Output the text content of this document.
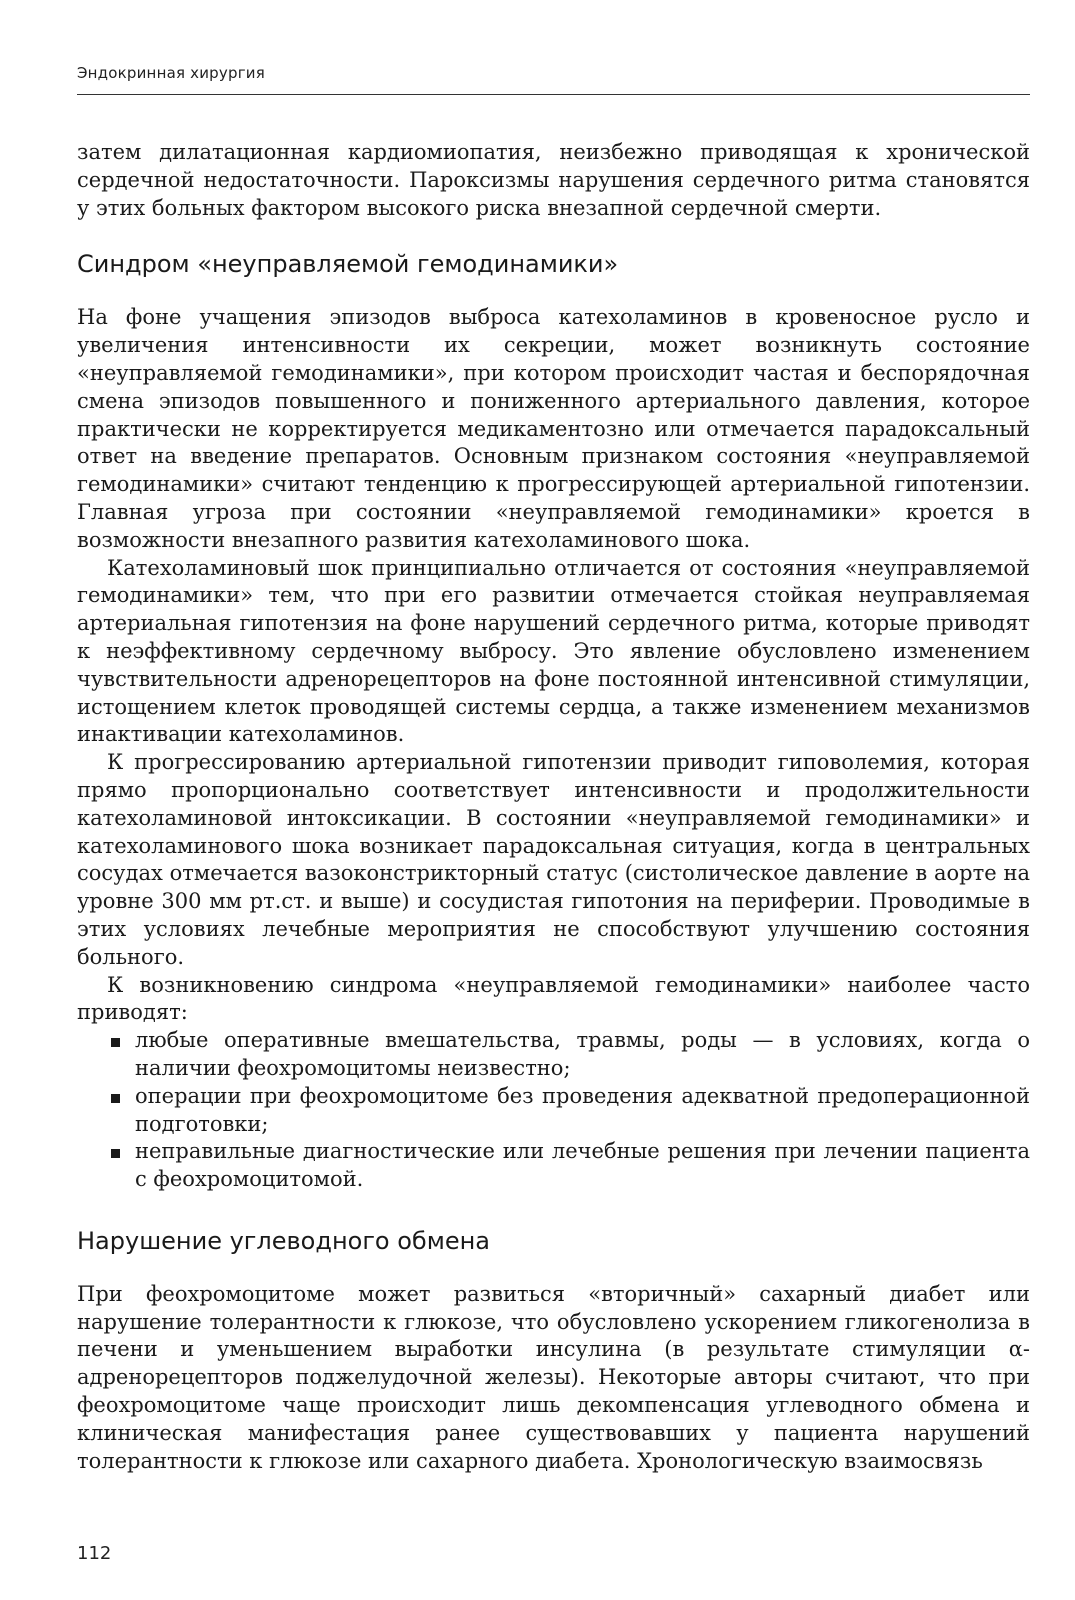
Эндокринная хирургия

затем дилатационная кардиомиопатия, неизбежно приводящая к хронической сердечной недостаточности. Пароксизмы нарушения сердечного ритма становятся у этих больных фактором высокого риска внезапной сердечной смерти.

Синдром «неуправляемой гемодинамики»

На фоне учащения эпизодов выброса катехоламинов в кровеносное русло и увеличения интенсивности их секреции, может возникнуть состояние «неуправляемой гемодинамики», при котором происходит частая и беспорядочная смена эпизодов повышенного и пониженного артериального давления, которое практически не корректируется медикаментозно или отмечается парадоксальный ответ на введение препаратов. Основным признаком состояния «неуправляемой гемодинамики» считают тенденцию к прогрессирующей артериальной гипотензии. Главная угроза при состоянии «неуправляемой гемодинамики» кроется в возможности внезапного развития катехоламинового шока.

Катехоламиновый шок принципиально отличается от состояния «неуправляемой гемодинамики» тем, что при его развитии отмечается стойкая неуправляемая артериальная гипотензия на фоне нарушений сердечного ритма, которые приводят к неэффективному сердечному выбросу. Это явление обусловлено изменением чувствительности адренорецепторов на фоне постоянной интенсивной стимуляции, истощением клеток проводящей системы сердца, а также изменением механизмов инактивации катехоламинов.

К прогрессированию артериальной гипотензии приводит гиповолемия, которая прямо пропорционально соответствует интенсивности и продолжительности катехоламиновой интоксикации. В состоянии «неуправляемой гемодинамики» и катехоламинового шока возникает парадоксальная ситуация, когда в центральных сосудах отмечается вазоконстрикторный статус (систолическое давление в аорте на уровне 300 мм рт.ст. и выше) и сосудистая гипотония на периферии. Проводимые в этих условиях лечебные мероприятия не способствуют улучшению состояния больного.

К возникновению синдрома «неуправляемой гемодинамики» наиболее часто приводят:

любые оперативные вмешательства, травмы, роды — в условиях, когда о наличии феохромоцитомы неизвестно;
операции при феохромоцитоме без проведения адекватной предоперационной подготовки;
неправильные диагностические или лечебные решения при лечении пациента с феохромоцитомой.
Нарушение углеводного обмена

При феохромоцитоме может развиться «вторичный» сахарный диабет или нарушение толерантности к глюкозе, что обусловлено ускорением гликогенолиза в печени и уменьшением выработки инсулина (в результате стимуляции α-адренорецепторов поджелудочной железы). Некоторые авторы считают, что при феохромоцитоме чаще происходит лишь декомпенсация углеводного обмена и клиническая манифестация ранее существовавших у пациента нарушений толерантности к глюкозе или сахарного диабета. Хронологическую взаимосвязь

112
